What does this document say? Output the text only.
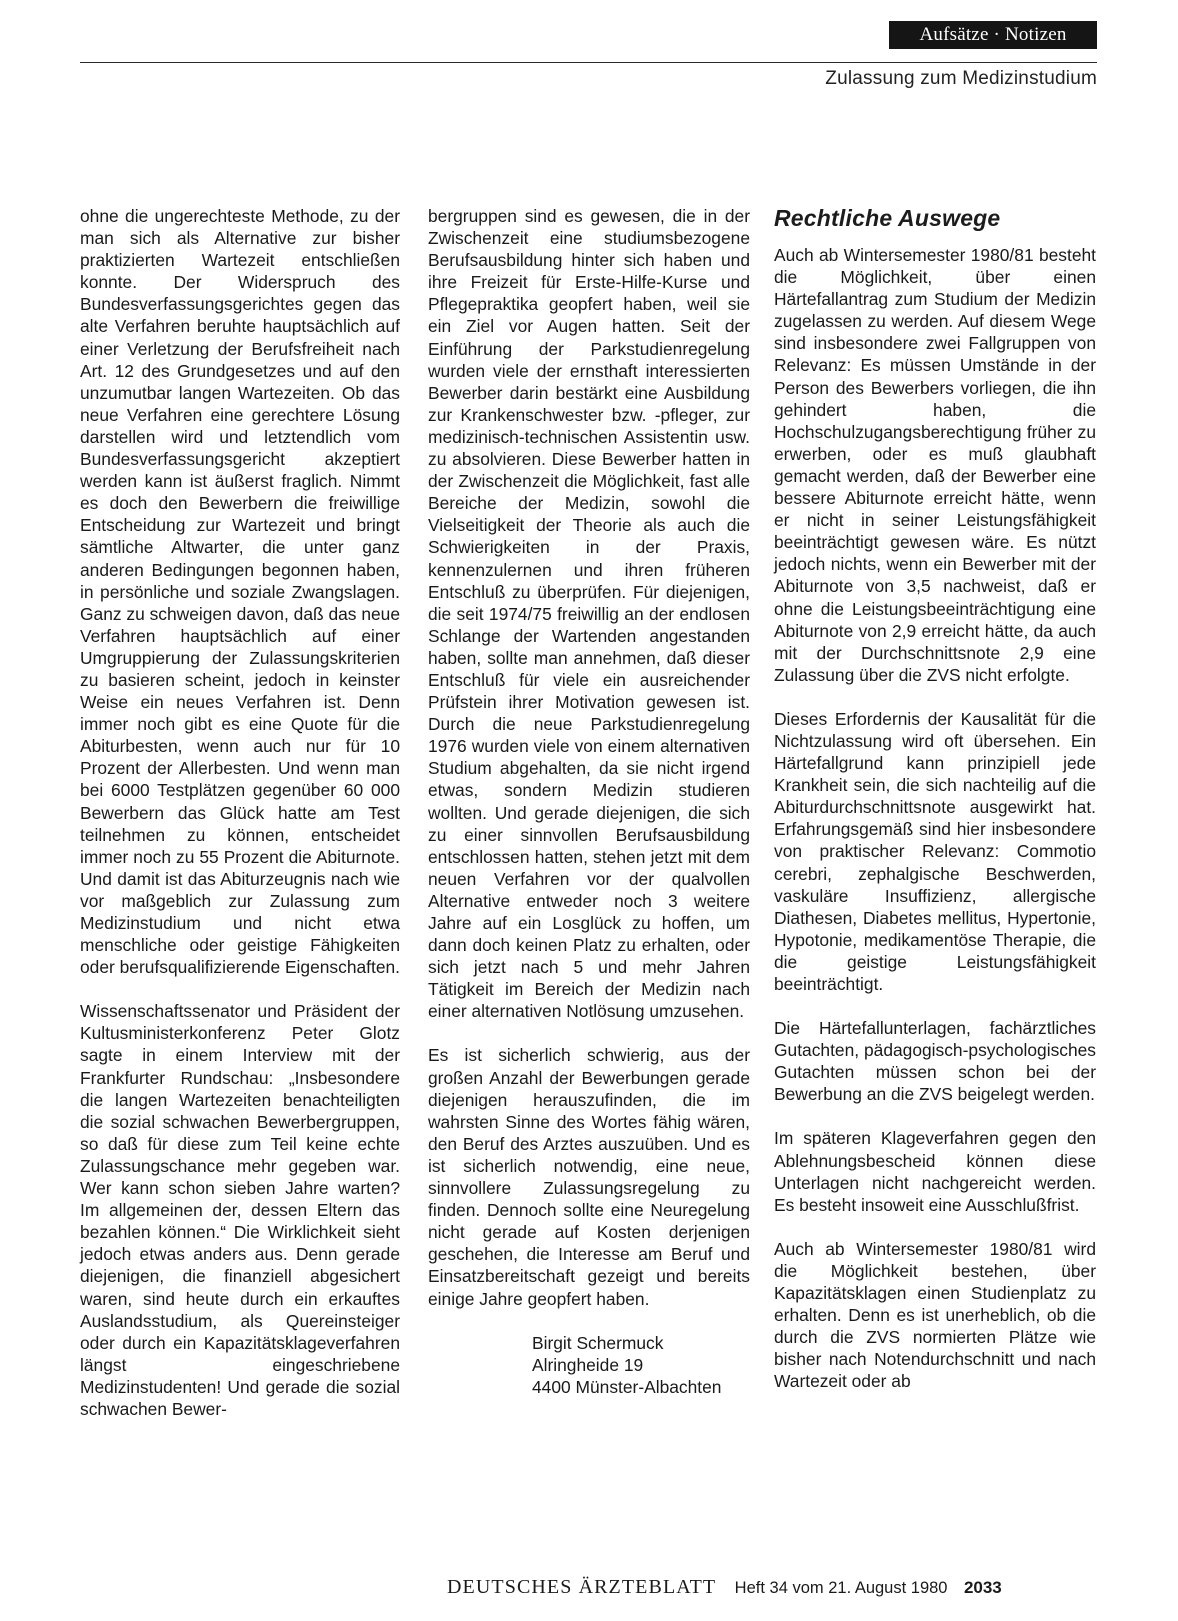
Aufsätze · Notizen
Zulassung zum Medizinstudium

ohne die ungerechteste Methode, zu der man sich als Alternative zur bisher praktizierten Wartezeit entschließen konnte. Der Widerspruch des Bundesverfassungsgerichtes gegen das alte Verfahren beruhte hauptsächlich auf einer Verletzung der Berufsfreiheit nach Art. 12 des Grundgesetzes und auf den unzumutbar langen Wartezeiten. Ob das neue Verfahren eine gerechtere Lösung darstellen wird und letztendlich vom Bundesverfassungsgericht akzeptiert werden kann ist äußerst fraglich. Nimmt es doch den Bewerbern die freiwillige Entscheidung zur Wartezeit und bringt sämtliche Altwarter, die unter ganz anderen Bedingungen begonnen haben, in persönliche und soziale Zwangslagen. Ganz zu schweigen davon, daß das neue Verfahren hauptsächlich auf einer Umgruppierung der Zulassungskriterien zu basieren scheint, jedoch in keinster Weise ein neues Verfahren ist. Denn immer noch gibt es eine Quote für die Abiturbesten, wenn auch nur für 10 Prozent der Allerbesten. Und wenn man bei 6000 Testplätzen gegenüber 60 000 Bewerbern das Glück hatte am Test teilnehmen zu können, entscheidet immer noch zu 55 Prozent die Abiturnote. Und damit ist das Abiturzeugnis nach wie vor maßgeblich zur Zulassung zum Medizinstudium und nicht etwa menschliche oder geistige Fähigkeiten oder berufsqualifizierende Eigenschaften.

Wissenschaftssenator und Präsident der Kultusministerkonferenz Peter Glotz sagte in einem Interview mit der Frankfurter Rundschau: „Insbesondere die langen Wartezeiten benachteiligten die sozial schwachen Bewerbergruppen, so daß für diese zum Teil keine echte Zulassungschance mehr gegeben war. Wer kann schon sieben Jahre warten? Im allgemeinen der, dessen Eltern das bezahlen können.“ Die Wirklichkeit sieht jedoch etwas anders aus. Denn gerade diejenigen, die finanziell abgesichert waren, sind heute durch ein erkauftes Auslandsstudium, als Quereinsteiger oder durch ein Kapazitätsklageverfahren längst eingeschriebene Medizinstudenten! Und gerade die sozial schwachen Bewer-

bergruppen sind es gewesen, die in der Zwischenzeit eine studiumsbezogene Berufsausbildung hinter sich haben und ihre Freizeit für Erste-Hilfe-Kurse und Pflegepraktika geopfert haben, weil sie ein Ziel vor Augen hatten. Seit der Einführung der Parkstudienregelung wurden viele der ernsthaft interessierten Bewerber darin bestärkt eine Ausbildung zur Krankenschwester bzw. -pfleger, zur medizinisch-technischen Assistentin usw. zu absolvieren. Diese Bewerber hatten in der Zwischenzeit die Möglichkeit, fast alle Bereiche der Medizin, sowohl die Vielseitigkeit der Theorie als auch die Schwierigkeiten in der Praxis, kennenzulernen und ihren früheren Entschluß zu überprüfen. Für diejenigen, die seit 1974/75 freiwillig an der endlosen Schlange der Wartenden angestanden haben, sollte man annehmen, daß dieser Entschluß für viele ein ausreichender Prüfstein ihrer Motivation gewesen ist. Durch die neue Parkstudienregelung 1976 wurden viele von einem alternativen Studium abgehalten, da sie nicht irgend etwas, sondern Medizin studieren wollten. Und gerade diejenigen, die sich zu einer sinnvollen Berufsausbildung entschlossen hatten, stehen jetzt mit dem neuen Verfahren vor der qualvollen Alternative entweder noch 3 weitere Jahre auf ein Losglück zu hoffen, um dann doch keinen Platz zu erhalten, oder sich jetzt nach 5 und mehr Jahren Tätigkeit im Bereich der Medizin nach einer alternativen Notlösung umzusehen.

Es ist sicherlich schwierig, aus der großen Anzahl der Bewerbungen gerade diejenigen herauszufinden, die im wahrsten Sinne des Wortes fähig wären, den Beruf des Arztes auszuüben. Und es ist sicherlich notwendig, eine neue, sinnvollere Zulassungsregelung zu finden. Dennoch sollte eine Neuregelung nicht gerade auf Kosten derjenigen geschehen, die Interesse am Beruf und Einsatzbereitschaft gezeigt und bereits einige Jahre geopfert haben.

Birgit Schermuck
Alringheide 19
4400 Münster-Albachten
Rechtliche Auswege

Auch ab Wintersemester 1980/81 besteht die Möglichkeit, über einen Härtefallantrag zum Studium der Medizin zugelassen zu werden. Auf diesem Wege sind insbesondere zwei Fallgruppen von Relevanz: Es müssen Umstände in der Person des Bewerbers vorliegen, die ihn gehindert haben, die Hochschulzugangsberechtigung früher zu erwerben, oder es muß glaubhaft gemacht werden, daß der Bewerber eine bessere Abiturnote erreicht hätte, wenn er nicht in seiner Leistungsfähigkeit beeinträchtigt gewesen wäre. Es nützt jedoch nichts, wenn ein Bewerber mit der Abiturnote von 3,5 nachweist, daß er ohne die Leistungsbeeinträchtigung eine Abiturnote von 2,9 erreicht hätte, da auch mit der Durchschnittsnote 2,9 eine Zulassung über die ZVS nicht erfolgte.

Dieses Erfordernis der Kausalität für die Nichtzulassung wird oft übersehen. Ein Härtefallgrund kann prinzipiell jede Krankheit sein, die sich nachteilig auf die Abiturdurchschnittsnote ausgewirkt hat. Erfahrungsgemäß sind hier insbesondere von praktischer Relevanz: Commotio cerebri, zephalgische Beschwerden, vaskuläre Insuffizienz, allergische Diathesen, Diabetes mellitus, Hypertonie, Hypotonie, medikamentöse Therapie, die die geistige Leistungsfähigkeit beeinträchtigt.

Die Härtefallunterlagen, fachärztliches Gutachten, pädagogisch-psychologisches Gutachten müssen schon bei der Bewerbung an die ZVS beigelegt werden.

Im späteren Klageverfahren gegen den Ablehnungsbescheid können diese Unterlagen nicht nachgereicht werden. Es besteht insoweit eine Ausschlußfrist.

Auch ab Wintersemester 1980/81 wird die Möglichkeit bestehen, über Kapazitätsklagen einen Studienplatz zu erhalten. Denn es ist unerheblich, ob die durch die ZVS normierten Plätze wie bisher nach Notendurchschnitt und nach Wartezeit oder ab

DEUTSCHES ÄRZTEBLATT Heft 34 vom 21. August 1980 2033
